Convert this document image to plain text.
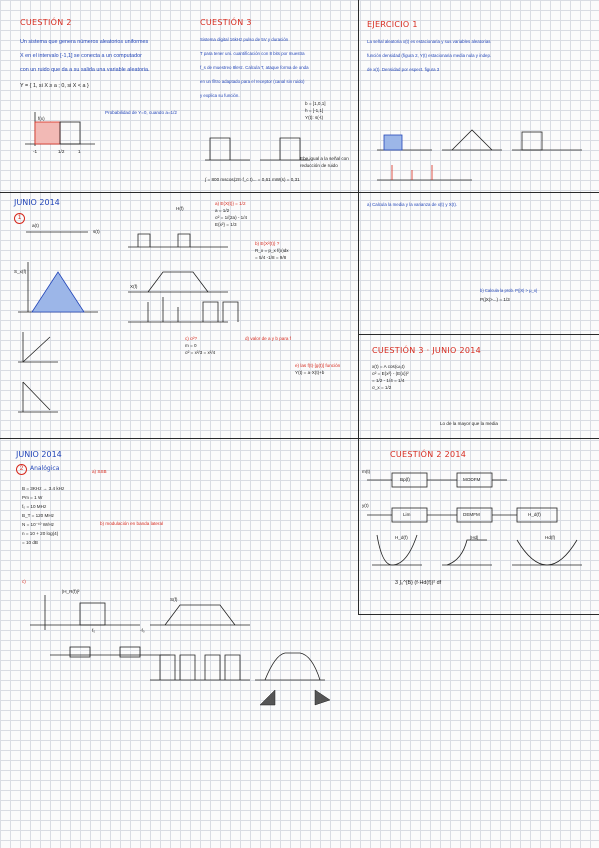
CUESTIÓN 2
Un sistema que genera números aleatorios uniformes
X en el intervalo [-1,1] se conecta a un computador
con un ruido que da a su salida una variable aleatoria.
Y = { 1, si X ≥ a ; 0, si X < a }
Probabilidad de Y=0, cuando a=1/2
f(x)
-1	1/2	1
CUESTIÓN 3
Sistema digital 16kHz pulso de 5V y duración
T para tener uni. cuantificación con 8 bits por muestra
f_s de muestreo 8kHz. Calcula T, ataque forma de onda
en un filtro adaptado para el receptor (canal sin ruido)
y explica su función.
b = [1,0,1]
h = [-1,1]
Y(t): s(-t)
Ebe igual a la señal con reducción de ruido
∫ = 800 mscos(2π·f_c t)... = 0,61 mW(s) = 0,31
EJERCICIO 1
La señal aleatoria x(t) es estacionaria y sus variables aleatorias
función densidad (figura 2, Y(t) estacionaria media nula y indep.
de x(t). Densidad por espect. figura 3
a) Calcula la media y la varianza de x(t) y X(t).
b) Calcula la prob. P(|X| > μ_x)
P(|X|>...) = 1/3
JUNIO 2014
1
a(t)
s(t)
H(f)
S_x(f)
X(f)
a) E{X(t)} = 1/2
a = 1/2
σ² = 1/(2a) - 1/4
E{x²} = 1/3
b) E{X²(t)} ?
R_x = p_x f(x)dx
= 5/4 -1/8 = 9/8
c) σ²?
m = 0
σ² = x²/3 = x²/4
d) valor de a y b para f
e) las f(t)·[g(t)] función
Y(t) = a·X(t)+b
CUESTIÓN 3 · JUNIO 2014
x(t) = A cos(ω₀t)
σ² = E{x²} - (E{x})²
= 1/2 - 1/4 = 1/4
σ_x = 1/2
Lo de la mayor que la media
JUNIO 2014
2	Analógica
B = 3KHz → 3.4 kHz
Pm = 1 W
f₀ = 10 MHz
B_T = 120 MHz
N = 10⁻¹⁰ W/Hz
n = 10 + 20 log(4)
= 10 dB
a) SSB
b) modulación en banda lateral
c)
|H_R(f)|²
S(f)
f₀	-f₀
CUESTIÓN 2 2014
Bp(f)	MODFM
Lim	DEMFM	H_d(f)
m(t)
y(t)
H_d(f)	|Hd|	Hd(f)
3 ∫₀^{B} (f·Hd(f))² df
